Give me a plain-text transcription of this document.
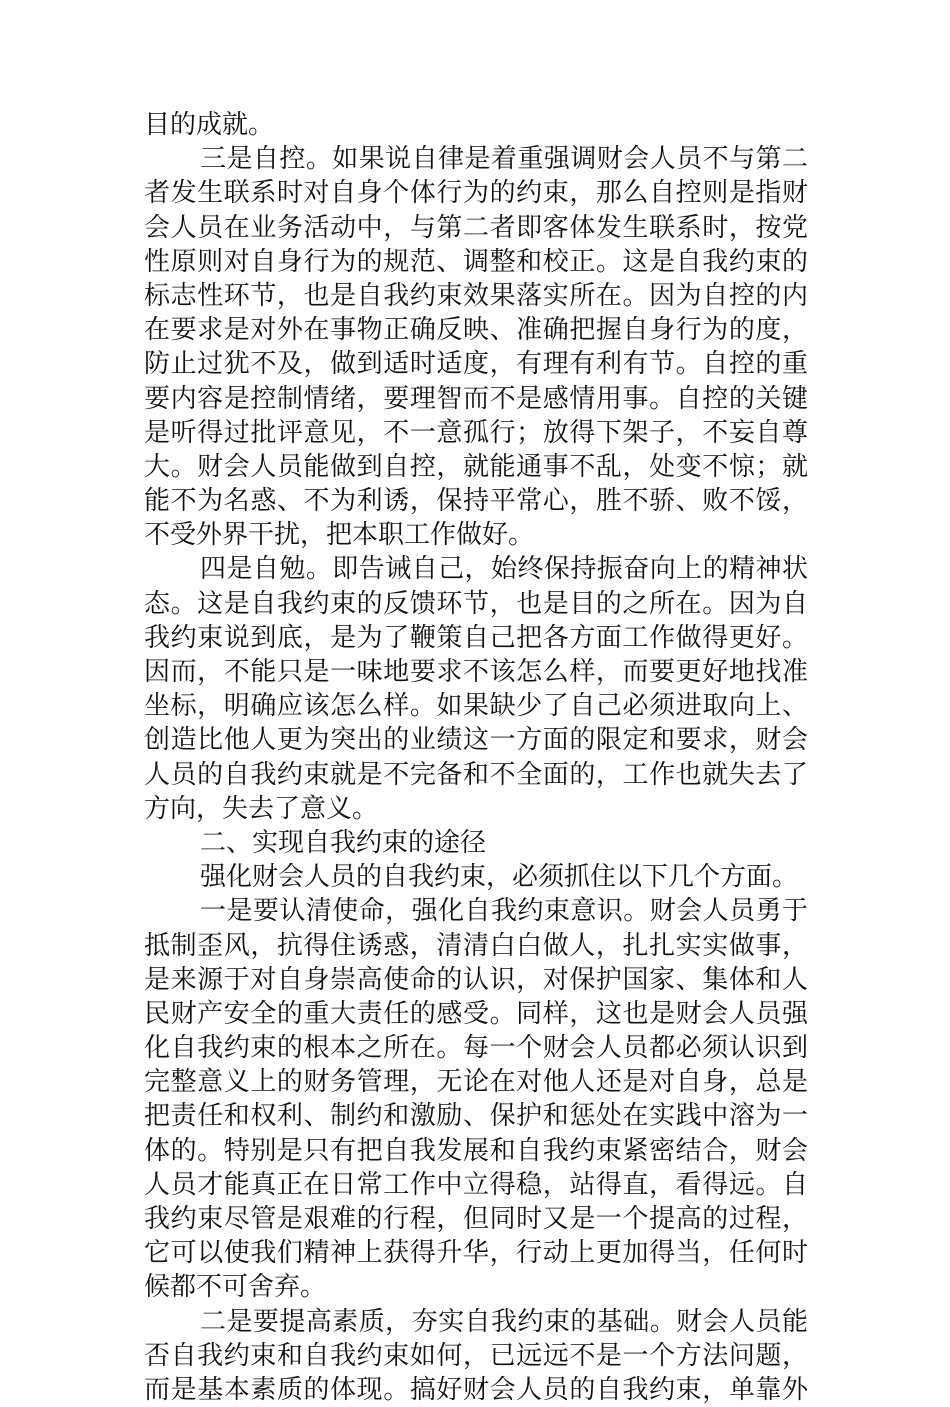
目的成就。
三是自控。如果说自律是着重强调财会人员不与第二
者发生联系时对自身个体行为的约束，那么自控则是指财
会人员在业务活动中，与第二者即客体发生联系时，按党
性原则对自身行为的规范、调整和校正。这是自我约束的
标志性环节，也是自我约束效果落实所在。因为自控的内
在要求是对外在事物正确反映、准确把握自身行为的度，
防止过犹不及，做到适时适度，有理有利有节。自控的重
要内容是控制情绪，要理智而不是感情用事。自控的关键
是听得过批评意见，不一意孤行；放得下架子，不妄自尊
大。财会人员能做到自控，就能通事不乱，处变不惊；就
能不为名惑、不为利诱，保持平常心，胜不骄、败不馁，
不受外界干扰，把本职工作做好。
四是自勉。即告诫自己，始终保持振奋向上的精神状
态。这是自我约束的反馈环节，也是目的之所在。因为自
我约束说到底，是为了鞭策自己把各方面工作做得更好。
因而，不能只是一味地要求不该怎么样，而要更好地找准
坐标，明确应该怎么样。如果缺少了自己必须进取向上、
创造比他人更为突出的业绩这一方面的限定和要求，财会
人员的自我约束就是不完备和不全面的，工作也就失去了
方向，失去了意义。
二、实现自我约束的途径
强化财会人员的自我约束，必须抓住以下几个方面。
一是要认清使命，强化自我约束意识。财会人员勇于
抵制歪风，抗得住诱惑，清清白白做人，扎扎实实做事，
是来源于对自身崇高使命的认识，对保护国家、集体和人
民财产安全的重大责任的感受。同样，这也是财会人员强
化自我约束的根本之所在。每一个财会人员都必须认识到
完整意义上的财务管理，无论在对他人还是对自身，总是
把责任和权利、制约和激励、保护和惩处在实践中溶为一
体的。特别是只有把自我发展和自我约束紧密结合，财会
人员才能真正在日常工作中立得稳，站得直，看得远。自
我约束尽管是艰难的行程，但同时又是一个提高的过程，
它可以使我们精神上获得升华，行动上更加得当，任何时
候都不可舍弃。
二是要提高素质，夯实自我约束的基础。财会人员能
否自我约束和自我约束如何，已远远不是一个方法问题，
而是基本素质的体现。搞好财会人员的自我约束，单靠外
